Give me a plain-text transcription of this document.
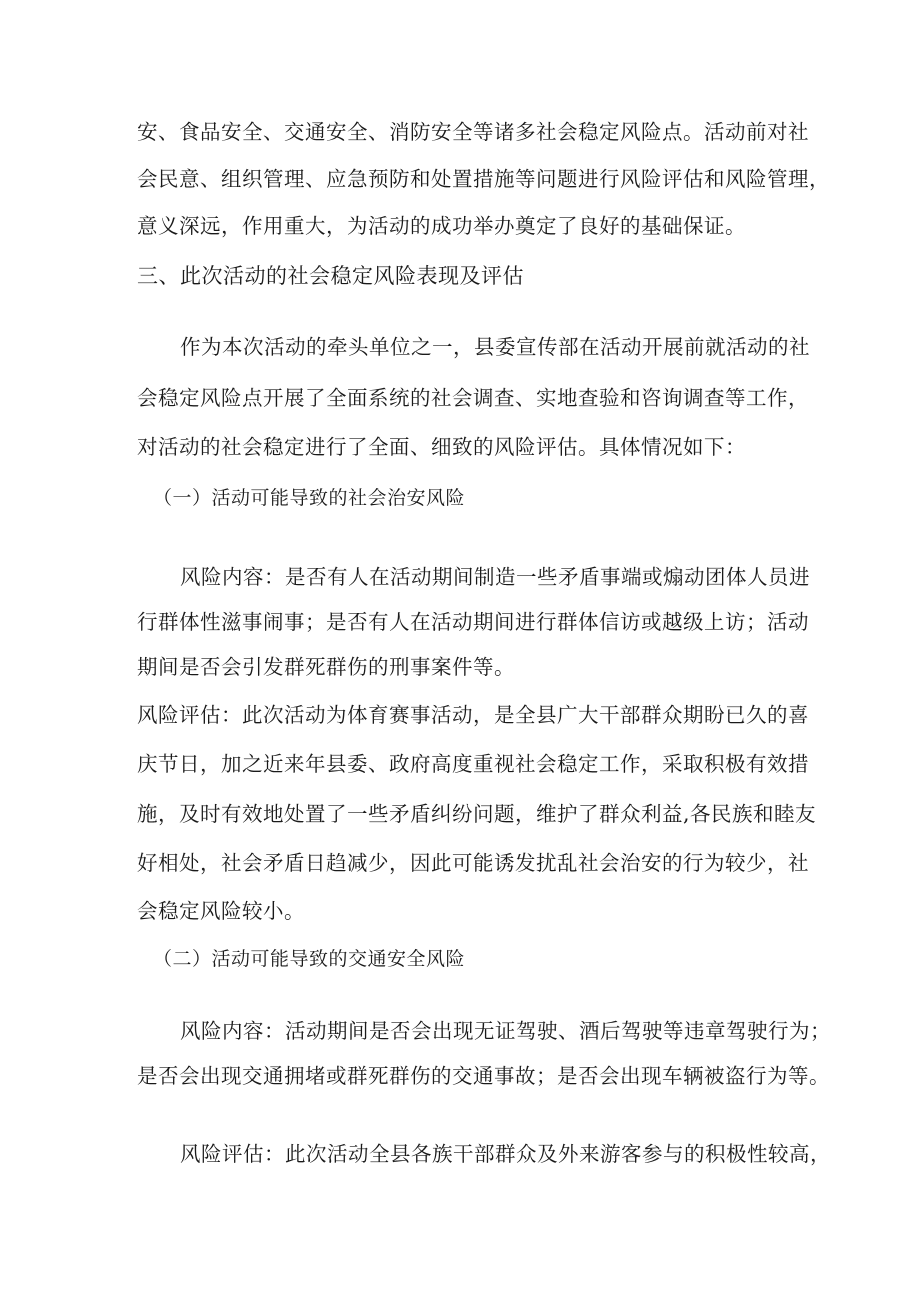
安、食品安全、交通安全、消防安全等诸多社会稳定风险点。活动前对社
会民意、组织管理、应急预防和处置措施等问题进行风险评估和风险管理，
意义深远，作用重大，为活动的成功举办奠定了良好的基础保证。
三、此次活动的社会稳定风险表现及评估
作为本次活动的牵头单位之一，县委宣传部在活动开展前就活动的社
会稳定风险点开展了全面系统的社会调查、实地查验和咨询调查等工作，
对活动的社会稳定进行了全面、细致的风险评估。具体情况如下：
（一）活动可能导致的社会治安风险
风险内容：是否有人在活动期间制造一些矛盾事端或煽动团体人员进
行群体性滋事闹事；是否有人在活动期间进行群体信访或越级上访；活动
期间是否会引发群死群伤的刑事案件等。
风险评估：此次活动为体育赛事活动，是全县广大干部群众期盼已久的喜
庆节日，加之近来年县委、政府高度重视社会稳定工作，采取积极有效措
施，及时有效地处置了一些矛盾纠纷问题，维护了群众利益,各民族和睦友
好相处，社会矛盾日趋减少，因此可能诱发扰乱社会治安的行为较少，社
会稳定风险较小。
（二）活动可能导致的交通安全风险
风险内容：活动期间是否会出现无证驾驶、酒后驾驶等违章驾驶行为；
是否会出现交通拥堵或群死群伤的交通事故；是否会出现车辆被盗行为等。
风险评估：此次活动全县各族干部群众及外来游客参与的积极性较高，
